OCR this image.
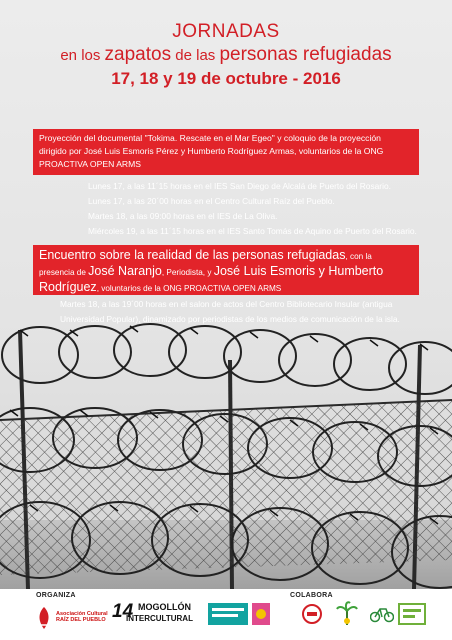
JORNADAS
en los zapatos de las personas refugiadas
17, 18 y 19 de octubre - 2016
Proyección del documental "Tokima. Rescate en el Mar Egeo" y coloquio de la proyección
dirigido por José Luis Esmoris Pérez y Humberto Rodríguez Armas, voluntarios de la ONG
PROACTIVA OPEN ARMS
Lunes 17, a las 11´15 horas en el IES San Diego de Alcalá de Puerto del Rosario.
Lunes 17, a las 20´00 horas en el Centro Cultural Raíz del Pueblo.
Martes 18, a las 09:00 horas en el IES de La Oliva.
Miércoles 19, a las 11´15 horas en el IES Santo Tomás de Aquino de Puerto del Rosario.
Encuentro sobre la realidad de las personas refugiadas, con la
presencia de José Naranjo, Periodista, y José Luis Esmoris y Humberto
Rodríguez, voluntarios de la ONG PROACTIVA OPEN ARMS
Martes 18, a las 19´00 horas en el salon de actos del Centro Bibliotecario Insular (antigua
Universidad Popular), dinamizado por periodistas de los medios de comunicación de la isla.
ORGANIZA	COLABORA
Asociación Cultural
RAÍZ DEL PUEBLO 14 MOGOLLÓN
INTERCULTURAL
